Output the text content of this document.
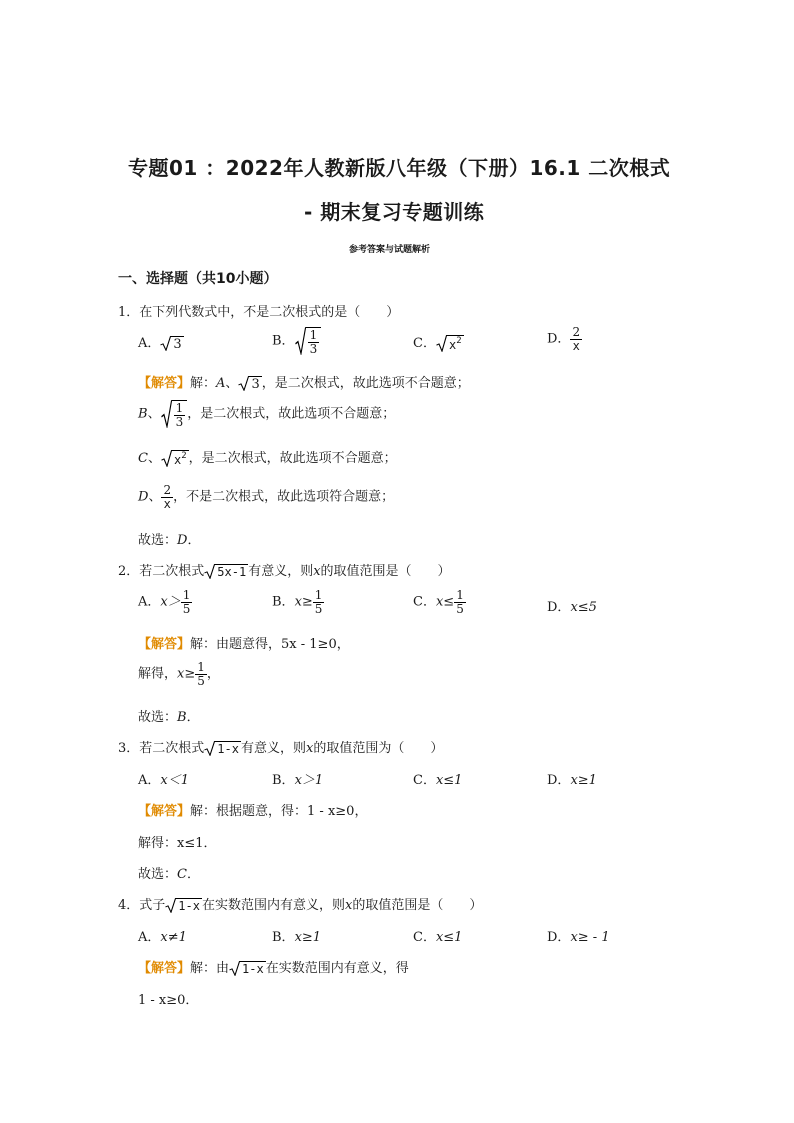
专题01 ：2022年人教新版八年级（下册）16.1 二次根式
- 期末复习专题训练
参考答案与试题解析
一、选择题（共10小题）
1．在下列代数式中，不是二次根式的是（　　）
A． 3	B． $\frac{1}{3}$	C． $x^2$	D． $\frac{2}{x}$
【解答】解：A、 3 ，是二次根式，故此选项不合题意；
B、 $\frac{1}{3}$ ，是二次根式，故此选项不合题意；
C、 $x^2$ ，是二次根式，故此选项不合题意；
D、 $\frac{2}{x}$ ，不是二次根式，故此选项符合题意；
故选：D．
2．若二次根式 5x-1 有意义，则x的取值范围是（　　）
A．$x> \frac{1}{5}$	B．$x\ge \frac{1}{5}$	C．$x\le \frac{1}{5}$	D．x≤5
【解答】解：由题意得，5x - 1≥0，
解得，$x\ge \frac{1}{5}$ ，
故选：B．
3．若二次根式 1-x 有意义，则x的取值范围为（　　）
A．x＜1	B．x＞1	C．x≤1	D．x≥1
【解答】解：根据题意，得：1 - x≥0，
解得：x≤1．
故选：C．
4．式子 1-x 在实数范围内有意义，则x的取值范围是（　　）
A．x≠1	B．x≥1	C．x≤1	D．x≥ - 1
【解答】解：由 1-x 在实数范围内有意义，得
1 - x≥0．
